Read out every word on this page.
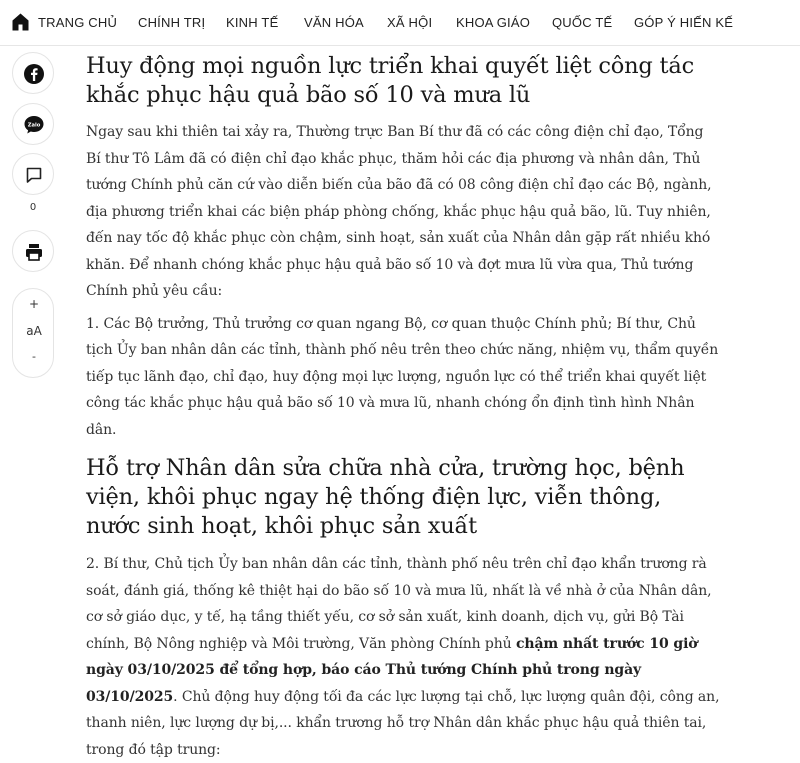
TRANG CHỦ CHÍNH TRỊ KINH TẾ VĂN HÓA XÃ HỘI KHOA GIÁO QUỐC TẾ GÓP Ý HIẾN KẾ
Zalo
0
+
aA
-
Huy động mọi nguồn lực triển khai quyết liệt công tác khắc phục hậu quả bão số 10 và mưa lũ

Ngay sau khi thiên tai xảy ra, Thường trực Ban Bí thư đã có các công điện chỉ đạo, Tổng Bí thư Tô Lâm đã có điện chỉ đạo khắc phục, thăm hỏi các địa phương và nhân dân, Thủ tướng Chính phủ căn cứ vào diễn biến của bão đã có 08 công điện chỉ đạo các Bộ, ngành, địa phương triển khai các biện pháp phòng chống, khắc phục hậu quả bão, lũ. Tuy nhiên, đến nay tốc độ khắc phục còn chậm, sinh hoạt, sản xuất của Nhân dân gặp rất nhiều khó khăn. Để nhanh chóng khắc phục hậu quả bão số 10 và đợt mưa lũ vừa qua, Thủ tướng Chính phủ yêu cầu:

1. Các Bộ trưởng, Thủ trưởng cơ quan ngang Bộ, cơ quan thuộc Chính phủ; Bí thư, Chủ tịch Ủy ban nhân dân các tỉnh, thành phố nêu trên theo chức năng, nhiệm vụ, thẩm quyền tiếp tục lãnh đạo, chỉ đạo, huy động mọi lực lượng, nguồn lực có thể triển khai quyết liệt công tác khắc phục hậu quả bão số 10 và mưa lũ, nhanh chóng ổn định tình hình Nhân dân.

Hỗ trợ Nhân dân sửa chữa nhà cửa, trường học, bệnh viện, khôi phục ngay hệ thống điện lực, viễn thông, nước sinh hoạt, khôi phục sản xuất

2. Bí thư, Chủ tịch Ủy ban nhân dân các tỉnh, thành phố nêu trên chỉ đạo khẩn trương rà soát, đánh giá, thống kê thiệt hại do bão số 10 và mưa lũ, nhất là về nhà ở của Nhân dân, cơ sở giáo dục, y tế, hạ tầng thiết yếu, cơ sở sản xuất, kinh doanh, dịch vụ, gửi Bộ Tài chính, Bộ Nông nghiệp và Môi trường, Văn phòng Chính phủ chậm nhất trước 10 giờ ngày 03/10/2025 để tổng hợp, báo cáo Thủ tướng Chính phủ trong ngày 03/10/2025. Chủ động huy động tối đa các lực lượng tại chỗ, lực lượng quân đội, công an, thanh niên, lực lượng dự bị,... khẩn trương hỗ trợ Nhân dân khắc phục hậu quả thiên tai, trong đó tập trung:
